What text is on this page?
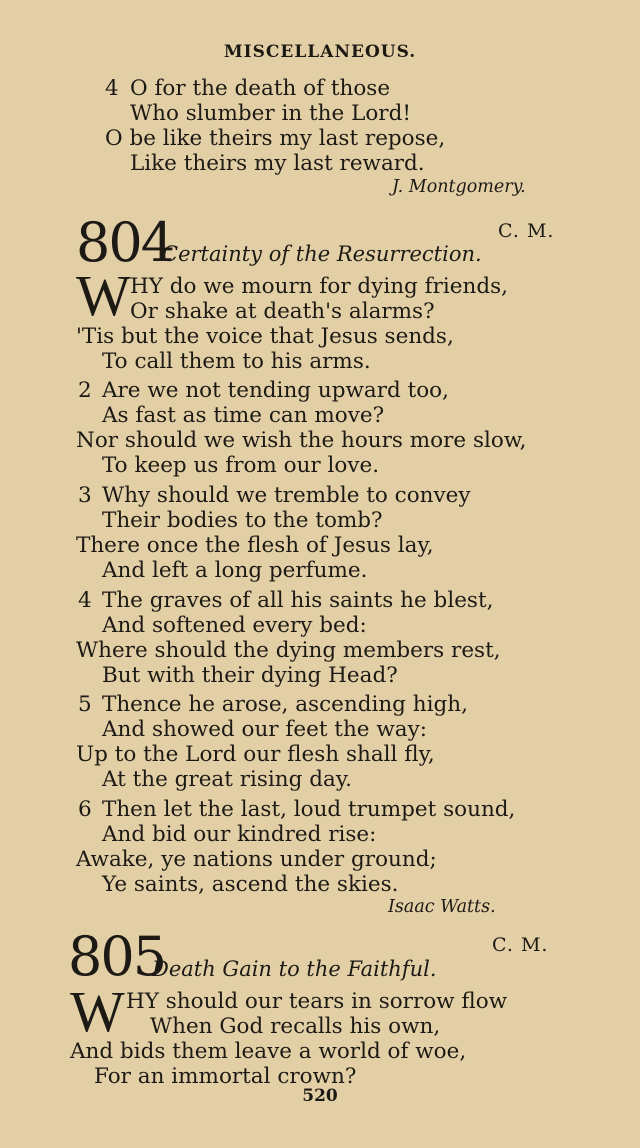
MISCELLANEOUS.
4 O for the death of those
Who slumber in the Lord!
O be like theirs my last repose,
Like theirs my last reward.
J. Montgomery.
804
Certainty of the Resurrection.
C. M.
W HY do we mourn for dying friends,
Or shake at death's alarms?
'Tis but the voice that Jesus sends,
To call them to his arms.
2 Are we not tending upward too,
As fast as time can move?
Nor should we wish the hours more slow,
To keep us from our love.
3 Why should we tremble to convey
Their bodies to the tomb?
There once the flesh of Jesus lay,
And left a long perfume.
4 The graves of all his saints he blest,
And softened every bed:
Where should the dying members rest,
But with their dying Head?
5 Thence he arose, ascending high,
And showed our feet the way:
Up to the Lord our flesh shall fly,
At the great rising day.
6 Then let the last, loud trumpet sound,
And bid our kindred rise:
Awake, ye nations under ground;
Ye saints, ascend the skies.
Isaac Watts.
805
Death Gain to the Faithful.
C. M.
W HY should our tears in sorrow flow
When God recalls his own,
And bids them leave a world of woe,
For an immortal crown?
520
